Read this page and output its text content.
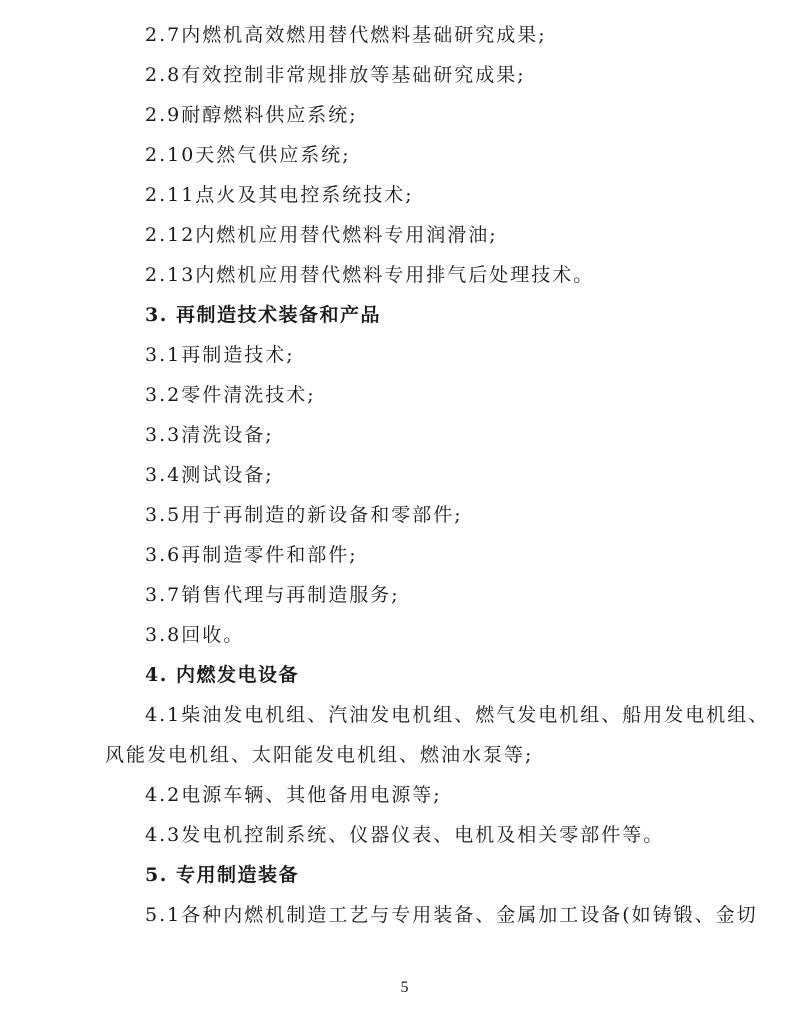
2.7内燃机高效燃用替代燃料基础研究成果;
2.8有效控制非常规排放等基础研究成果;
2.9耐醇燃料供应系统;
2.10天然气供应系统;
2.11点火及其电控系统技术;
2.12内燃机应用替代燃料专用润滑油;
2.13内燃机应用替代燃料专用排气后处理技术。
3. 再制造技术装备和产品
3.1再制造技术;
3.2零件清洗技术;
3.3清洗设备;
3.4测试设备;
3.5用于再制造的新设备和零部件;
3.6再制造零件和部件;
3.7销售代理与再制造服务;
3.8回收。
4. 内燃发电设备
4.1柴油发电机组、汽油发电机组、燃气发电机组、船用发电机组、
风能发电机组、太阳能发电机组、燃油水泵等;
4.2电源车辆、其他备用电源等;
4.3发电机控制系统、仪器仪表、电机及相关零部件等。
5. 专用制造装备
5.1各种内燃机制造工艺与专用装备、金属加工设备(如铸锻、金切
5
